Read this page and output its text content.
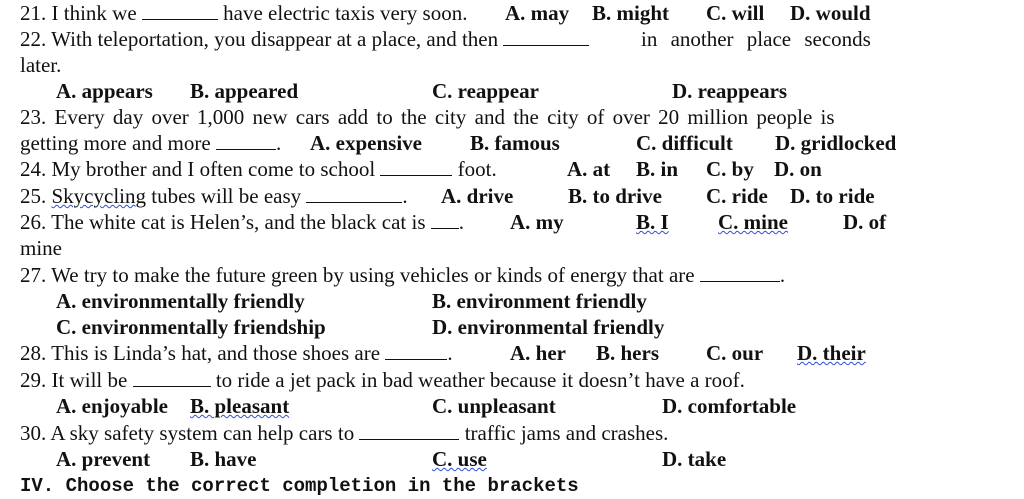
21. I think we	have electric taxis very soon. A. may B. might C. will D. would
22. With teleportation, you disappear at a place, and then	in another place seconds
later.
A. appears B. appeared	C. reappear	D. reappears
23. Every day over 1,000 new cars add to the city and the city of over 20 million people is
getting more and more	. A. expensive B. famous	C. difficult D. gridlocked
24. My brother and I often come to school	foot.	A. at B. in C. by D. on
25. Skycycling tubes will be easy	. A. drive	B. to drive C. ride D. to ride
26. The white cat is Helen’s, and the black cat is . A. my	B. I C. mine	D. of
mine
27. We try to make the future green by using vehicles or kinds of energy that are	.
A. environmentally friendly	B. environment friendly
C. environmentally friendship	D. environmental friendly
28. This is Linda’s hat, and those shoes are	.	A. her B. hers C. our D. their
29. It will be	to ride a jet pack in bad weather because it doesn’t have a roof.
A. enjoyable B. pleasant	C. unpleasant	D. comfortable
30. A sky safety system can help cars to	traffic jams and crashes.
A. prevent B. have	C. use	D. take
IV. Choose the correct completion in the brackets
